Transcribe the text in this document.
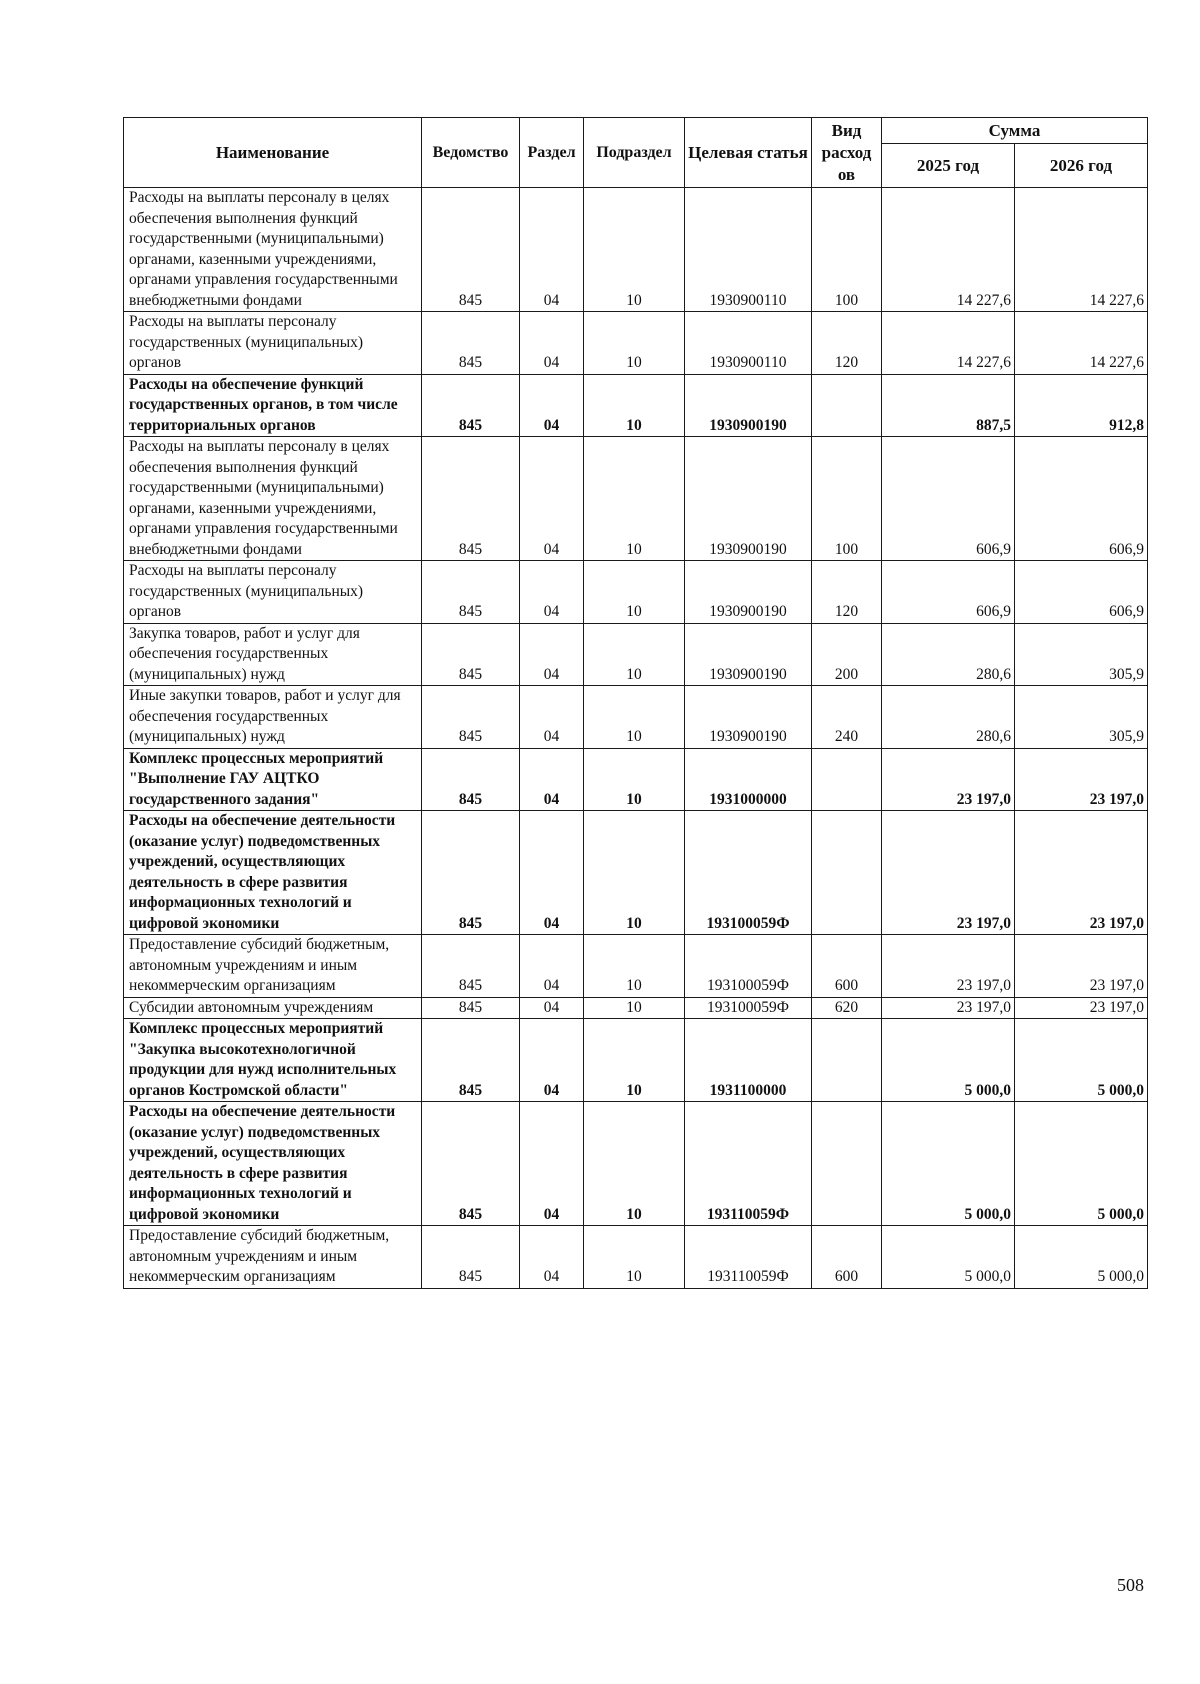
Наименование	Ведомство	Раздел	Подраздел	Целевая статья	Вид расход ов	Сумма	
						2025 год	2026 год
Расходы на выплаты персоналу в целях обеспечения выполнения функций государственными (муниципальными) органами, казенными учреждениями, органами управления государственными внебюджетными фондами	845	04	10	1930900110	100	14 227,6	14 227,6
Расходы на выплаты персоналу государственных (муниципальных) органов	845	04	10	1930900110	120	14 227,6	14 227,6
Расходы на обеспечение функций государственных органов, в том числе территориальных органов	845	04	10	1930900190		887,5	912,8
Расходы на выплаты персоналу в целях обеспечения выполнения функций государственными (муниципальными) органами, казенными учреждениями, органами управления государственными внебюджетными фондами	845	04	10	1930900190	100	606,9	606,9
Расходы на выплаты персоналу государственных (муниципальных) органов	845	04	10	1930900190	120	606,9	606,9
Закупка товаров, работ и услуг для обеспечения государственных (муниципальных) нужд	845	04	10	1930900190	200	280,6	305,9
Иные закупки товаров, работ и услуг для обеспечения государственных (муниципальных) нужд	845	04	10	1930900190	240	280,6	305,9
Комплекс процессных мероприятий "Выполнение ГАУ АЦТКО государственного задания"	845	04	10	1931000000		23 197,0	23 197,0
Расходы на обеспечение деятельности (оказание услуг) подведомственных учреждений, осуществляющих деятельность в сфере развития информационных технологий и цифровой экономики	845	04	10	193100059Ф		23 197,0	23 197,0
Предоставление субсидий бюджетным, автономным учреждениям и иным некоммерческим организациям	845	04	10	193100059Ф	600	23 197,0	23 197,0
Субсидии автономным учреждениям	845	04	10	193100059Ф	620	23 197,0	23 197,0
Комплекс процессных мероприятий "Закупка высокотехнологичной продукции для нужд исполнительных органов Костромской области"	845	04	10	1931100000		5 000,0	5 000,0
Расходы на обеспечение деятельности (оказание услуг) подведомственных учреждений, осуществляющих деятельность в сфере развития информационных технологий и цифровой экономики	845	04	10	193110059Ф		5 000,0	5 000,0
Предоставление субсидий бюджетным, автономным учреждениям и иным некоммерческим организациям	845	04	10	193110059Ф	600	5 000,0	5 000,0
508
